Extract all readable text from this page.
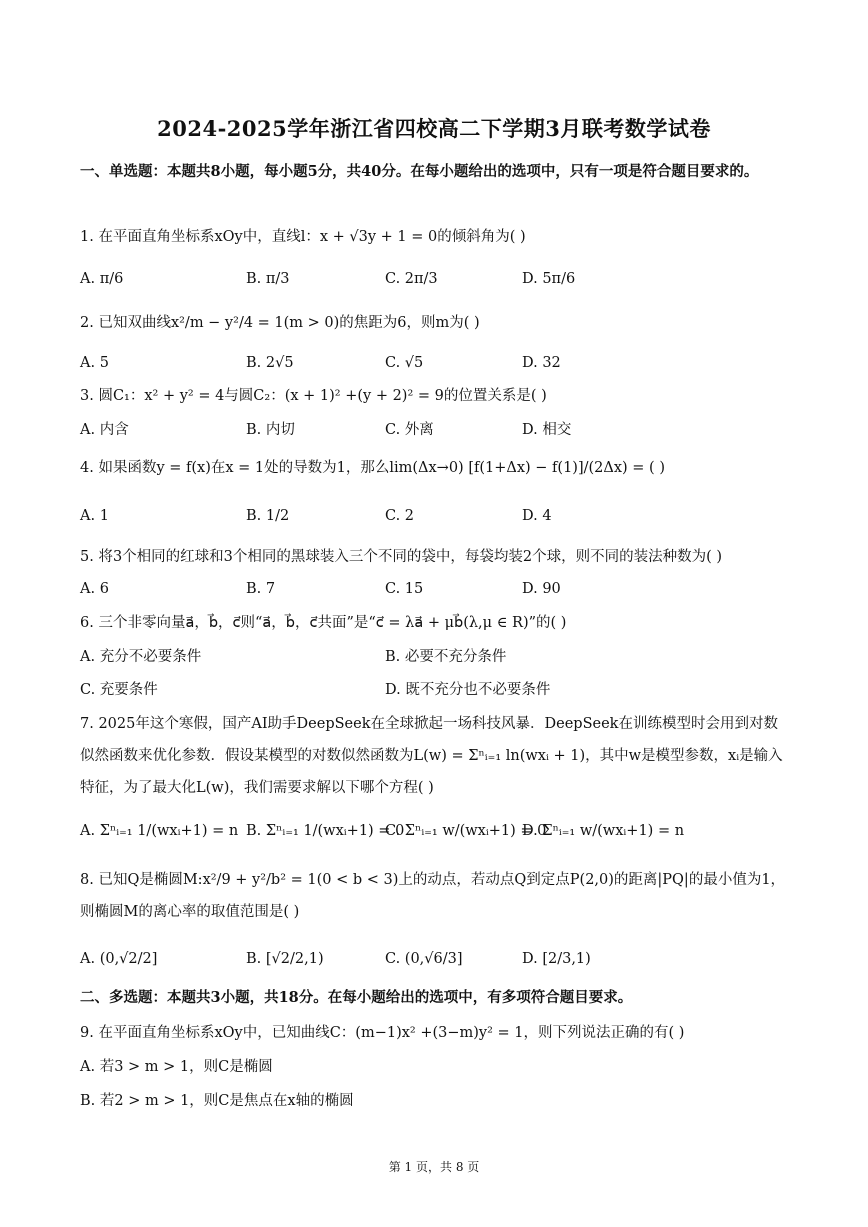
2024-2025学年浙江省四校高二下学期3月联考数学试卷
一、单选题：本题共8小题，每小题5分，共40分。在每小题给出的选项中，只有一项是符合题目要求的。
1. 在平面直角坐标系xOy中，直线l：x + √3y + 1 = 0的倾斜角为( )
A. π/6	B. π/3	C. 2π/3	D. 5π/6
2. 已知双曲线x²/m − y²/4 = 1(m > 0)的焦距为6，则m为( )
A. 5	B. 2√5	C. √5	D. 32
3. 圆C₁：x² + y² = 4与圆C₂：(x + 1)² +(y + 2)² = 9的位置关系是( )
A. 内含	B. 内切	C. 外离	D. 相交
4. 如果函数y = f(x)在x = 1处的导数为1，那么lim(Δx→0) [f(1+Δx) − f(1)]/(2Δx) = ( )
A. 1	B. 1/2	C. 2	D. 4
5. 将3个相同的红球和3个相同的黑球装入三个不同的袋中，每袋均装2个球，则不同的装法种数为( )
A. 6	B. 7	C. 15	D. 90
6. 三个非零向量a⃗，b⃗，c⃗则“a⃗，b⃗，c⃗共面”是“c⃗ = λa⃗ + μb⃗(λ,μ ∈ R)”的( )
A. 充分不必要条件	B. 必要不充分条件
C. 充要条件	D. 既不充分也不必要条件
7. 2025年这个寒假，国产AI助手DeepSeek在全球掀起一场科技风暴．DeepSeek在训练模型时会用到对数似然函数来优化参数．假设某模型的对数似然函数为L(w) = Σⁿᵢ₌₁ ln(wxᵢ + 1)，其中w是模型参数，xᵢ是输入特征，为了最大化L(w)，我们需要求解以下哪个方程( )
A. Σⁿᵢ₌₁ 1/(wxᵢ+1) = n B. Σⁿᵢ₌₁ 1/(wxᵢ+1) = 0
C. Σⁿᵢ₌₁ w/(wxᵢ+1) = 0
D. Σⁿᵢ₌₁ w/(wxᵢ+1) = n
8. 已知Q是椭圆M:x²/9 + y²/b² = 1(0 < b < 3)上的动点，若动点Q到定点P(2,0)的距离|PQ|的最小值为1，则椭圆M的离心率的取值范围是( )
A. (0,√2/2]	B. [√2/2,1)	C. (0,√6/3]	D. [2/3,1)
二、多选题：本题共3小题，共18分。在每小题给出的选项中，有多项符合题目要求。
9. 在平面直角坐标系xOy中，已知曲线C：(m−1)x² +(3−m)y² = 1，则下列说法正确的有( )
A. 若3 > m > 1，则C是椭圆
B. 若2 > m > 1，则C是焦点在x轴的椭圆
第 1 页，共 8 页
